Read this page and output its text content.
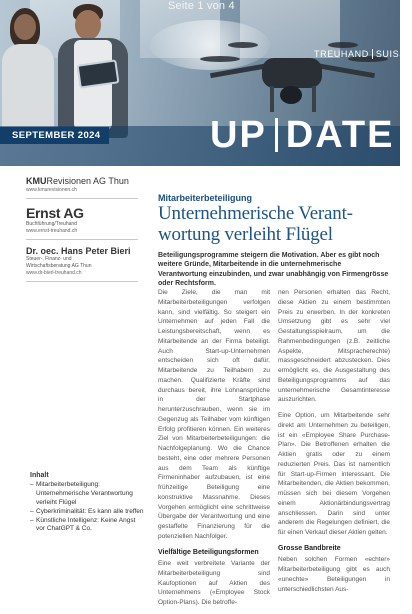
Seite 1 von 4
TREUHAND SUISSE
SEPTEMBER 2024	UP DATE
KMURevisionen AG Thun
www.kmurevisionen.ch
Ernst AG
Buchführung/Treuhand
www.ernst-treuhand.ch
Dr. oec. Hans Peter Bieri
Steuer-, Finanz- und
Wirtschaftsberatung AG Thun
www.dr-bieri-treuhand.ch
Inhalt
– Mitarbeiterbeteiligung: Unternehmerische Verantwortung verleiht Flügel
– Cyberkriminalität: Es kann alle treffen
– Künstliche Intelligenz: Keine Angst vor ChatGPT & Co.
Mitarbeiterbeteiligung
Unternehmerische Verantwortung verleiht Flügel
Beteiligungsprogramme steigern die Motivation. Aber es gibt noch weitere Gründe, Mitarbeitende in die unternehmerische Verantwortung einzubinden, und zwar unabhängig von Firmengrösse oder Rechtsform.

Die Ziele, die man mit Mitarbeiterbeteiligungen verfolgen kann, sind vielfältig. So steigert ein Unternehmen auf jeden Fall die Leistungsbereitschaft, wenn es Mitarbeitende an der Firma beteiligt. Auch Start-up-Unternehmen entscheiden sich oft dafür, Mitarbeitende zu Teilhabern zu machen. Qualifizierte Kräfte sind durchaus bereit, ihre Lohnansprüche in der Startphase herunterzuschrauben, wenn sie im Gegenzug als Teilhaber vom künftigen Erfolg profitieren können. Ein weiteres Ziel von Mitarbeiterbeteiligungen: die Nachfolgeplanung. Wo die Chance besteht, eine oder mehrere Personen aus dem Team als künftige Firmeninhaber aufzubauen, ist eine frühzeitige Beteiligung eine konstruktive Massnahme. Dieses Vorgehen ermöglicht eine schrittweise Übergabe der Verantwortung und eine gestaffelte Finanzierung für die potenziellen Nachfolger.

Vielfältige Beteiligungsformen

Eine weit verbreitete Variante der Mitarbeiterbeteiligung sind Kaufoptionen auf Aktien des Unternehmens («Employee Stock Option-Plans). Die betroffe-

nen Personen erhalten das Recht, diese Aktien zu einem bestimmten Preis zu erwerben. In der konkreten Umsetzung gibt es sehr viel Gestaltungsspielraum, um die Rahmenbedingungen (z.B. zeitliche Aspekte, Mitspracherechte) massgeschneidert abzustecken. Dies ermöglicht es, die Ausgestaltung des Beteiligungsprogramms auf das unternehmerische Gesamtinteresse auszurichten.

Eine Option, um Mitarbeitende sehr direkt am Unternehmen zu beteiligen, ist ein «Employee Share Purchase-Plan». Die Betroffenen erhalten die Aktien gratis oder zu einem reduzierten Preis. Das ist namentlich für Start-up-Firmen interessant. Die Mitarbeitenden, die Aktien bekommen, müssen sich bei diesem Vorgehen einem Aktionärbindungsvertrag anschliessen. Darin sind unter anderem die Regelungen definiert, die für einen Verkauf dieser Aktien gelten.

Grosse Bandbreite

Neben solchen Formen «echter» Mitarbeiterbeteiligung gibt es auch «unechte» Beteiligungen in unterschiedlichsten Aus-
